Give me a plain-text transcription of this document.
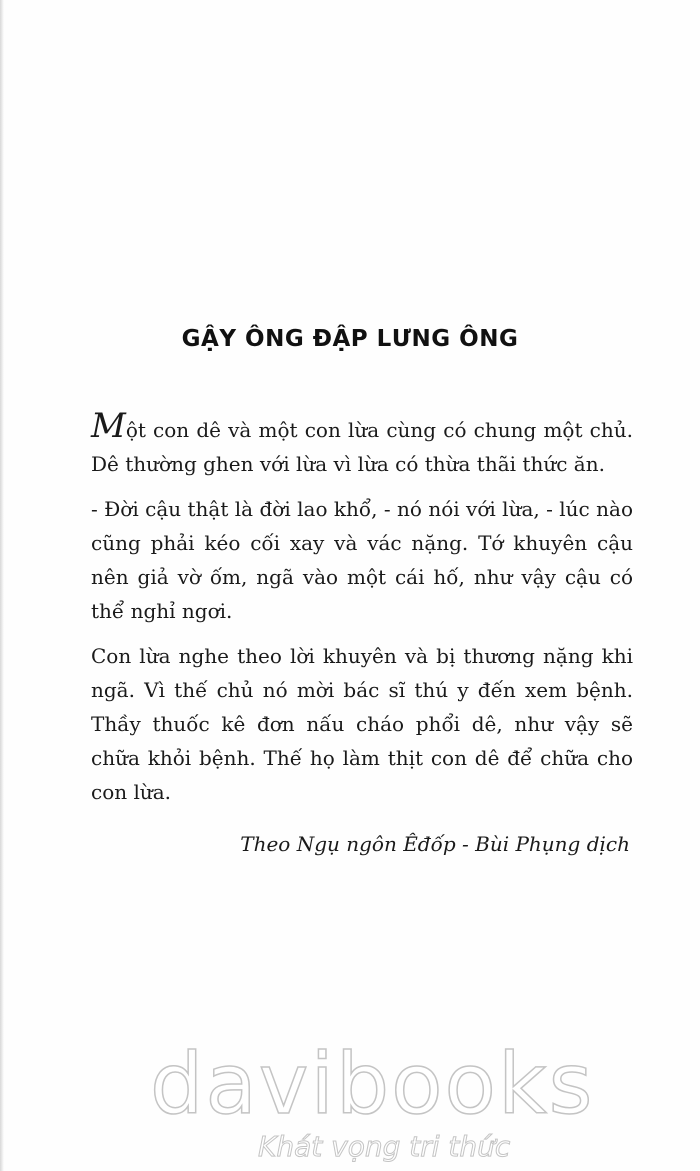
GẬY ÔNG ĐẬP LƯNG ÔNG

Một con dê và một con lừa cùng có chung một chủ. Dê thường ghen với lừa vì lừa có thừa thãi thức ăn.

- Đời cậu thật là đời lao khổ, - nó nói với lừa, - lúc nào cũng phải kéo cối xay và vác nặng. Tớ khuyên cậu nên giả vờ ốm, ngã vào một cái hố, như vậy cậu có thể nghỉ ngơi.

Con lừa nghe theo lời khuyên và bị thương nặng khi ngã. Vì thế chủ nó mời bác sĩ thú y đến xem bệnh. Thầy thuốc kê đơn nấu cháo phổi dê, như vậy sẽ chữa khỏi bệnh. Thế họ làm thịt con dê để chữa cho con lừa.

Theo Ngụ ngôn Êđốp - Bùi Phụng dịch
davibooks
Khát vọng tri thức
